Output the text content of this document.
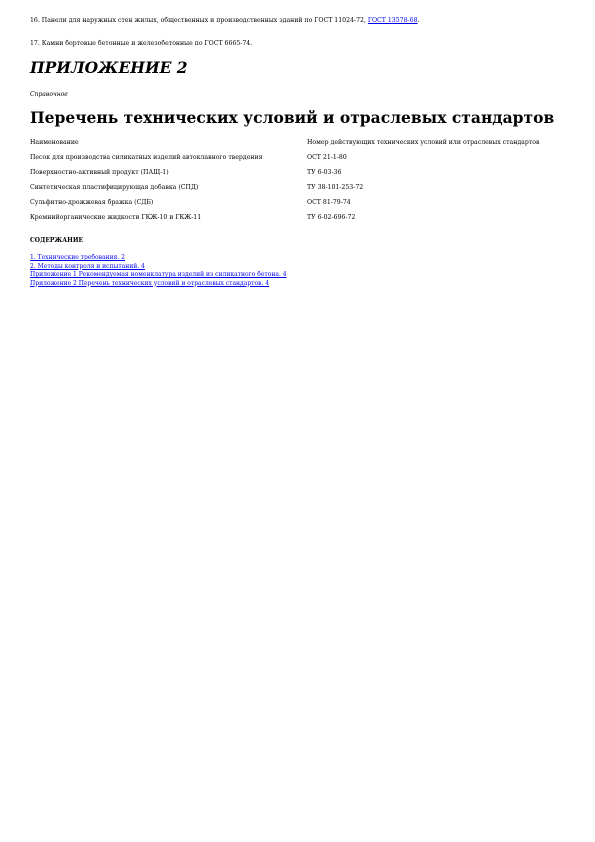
16. Панели для наружных стен жилых, общественных и производственных зданий по ГОСТ 11024-72, ГОСТ 13578-68.

17. Камни бортовые бетонные и железобетонные по ГОСТ 6665-74.

ПРИЛОЖЕНИЕ 2

Справочное

Перечень технических условий и отраслевых стандартов
Наименование	Номер действующих технических условий или отраслевых стандартов
Песок для производства силикатных изделий автоклавного твердения	ОСТ 21-1-80
Поверхностно-активный продукт (ПАЩ-1)	ТУ 6-03-36
Синтетическая пластифицирующая добавка (СПД)	ТУ 38-101-253-72
Сульфитно-дрожжевая бражка (СДБ)	ОСТ 81-79-74
Кремнийорганические жидкости ГКЖ-10 и ГКЖ-11	ТУ 6-02-696-72

СОДЕРЖАНИЕ

1. Технические требования. 2
2. Методы контроля и испытаний. 4
Приложение 1 Рекомендуемая номенклатура изделий из силикатного бетона. 4
Приложение 2 Перечень технических условий и отраслевых стандартов. 4
